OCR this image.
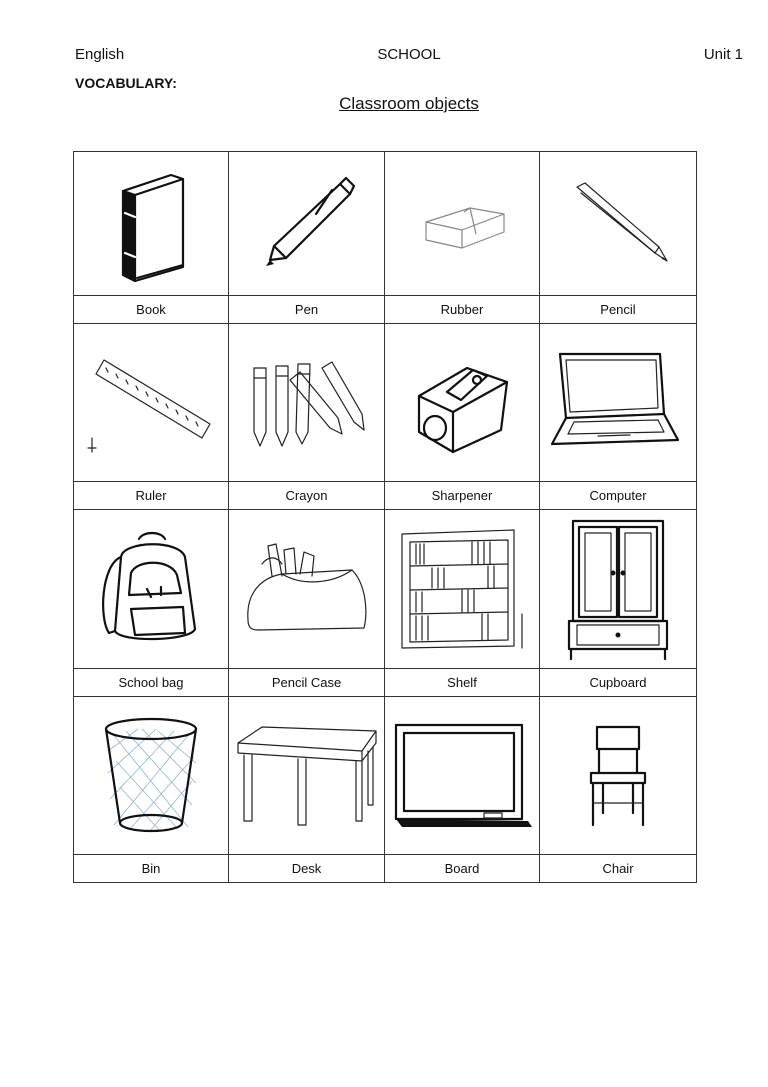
English	SCHOOL	Unit 1
VOCABULARY:
Classroom objects

Book	Pen	Rubber	Pencil

Ruler	Crayon	Sharpener	Computer

School bag	Pencil Case	Shelf	Cupboard

Bin	Desk	Board	Chair
